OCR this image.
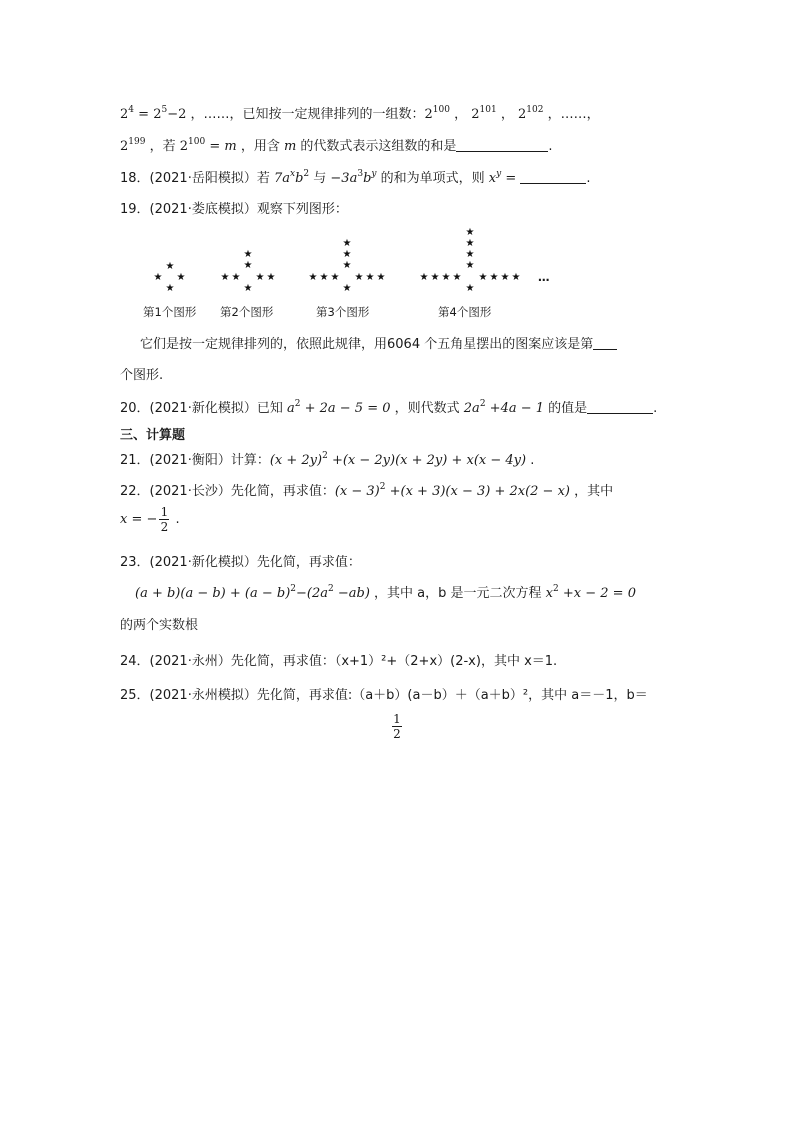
$2^4 = 2^5-2$ ，……，已知按一定规律排列的一组数：$2^{100}$ ， $2^{101}$ ， $2^{102}$ ，……，
$2^{199}$ ，若 $2^{100} = m$ ，用含 m 的代数式表示这组数的和是	.
18．(2021·岳阳模拟）若 $7a^xb^2$ 与 $-3a^3b^y$ 的和为单项式，则 $x^y$ =	.
19．(2021·娄底模拟）观察下列图形：
★
★ ★
★
★
★
★ ★ ★ ★
★
★
★
★
★ ★ ★ ★ ★ ★
★
★
★
★
★
★ ★ ★ ★ ★ ★ ★ ★
★
…
第1个图形 第2个图形	第3个图形	第4个图形
它们是按一定规律排列的，依照此规律，用6064 个五角星摆出的图案应该是第
个图形.
20．(2021·新化模拟）已知 $a^2 + 2a - 5 = 0$ ，则代数式 $2a^2 +4a - 1$ 的值是	.
三、计算题
21．(2021·衡阳）计算：$(x + 2y)^2 +(x - 2y)(x + 2y) + x(x - 4y)$ .
22．(2021·长沙）先化简，再求值：$(x - 3)^2 +(x + 3)(x - 3) + 2x(2 - x)$ ，其中
x = − $\frac{1}{2}$ .
23．(2021·新化模拟）先化简，再求值：
$(a + b)(a - b) + (a - b)^2-(2a^2 -ab)$ ，其中 a，b 是一元二次方程 $x^2 +x - 2 = 0$
的两个实数根
24．(2021·永州）先化简，再求值：（x+1）²+（2+x）(2-x)，其中 x＝1.
25．(2021·永州模拟）先化简，再求值:（a＋b）(a－b）＋（a＋b）²，其中 a＝－1，b＝
$\frac{1}{2}$
